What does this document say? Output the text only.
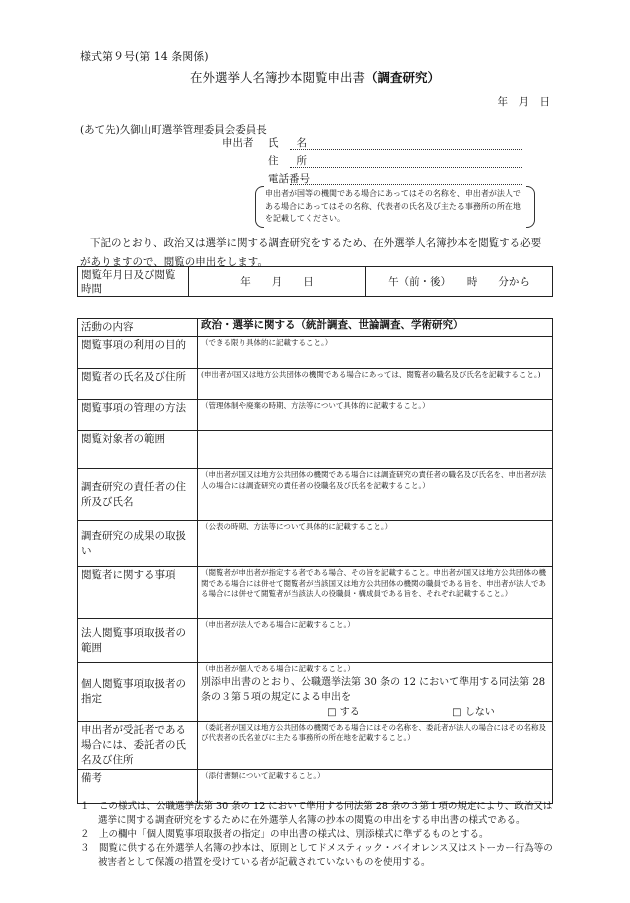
様式第９号(第 14 条関係)
在外選挙人名簿抄本閲覧申出書（調査研究）
年　月　日
(あて先)久御山町選挙管理委員会委員長
申出者 氏名
住所
電話番号
申出者が国等の機関である場合にあってはその名称を、申出者が法人である場合にあってはその名称、代表者の氏名及び主たる事務所の所在地を記載してください。
下記のとおり、政治又は選挙に関する調査研究をするため、在外選挙人名簿抄本を閲覧する必要がありますので、閲覧の申出をします。
閲覧年月日及び閲覧時間	年　　月　　日	午（前・後）　　時　　分から
活動の内容	政治・選挙に関する（統計調査、世論調査、学術研究）
閲覧事項の利用の目的	（できる限り具体的に記載すること。）
閲覧者の氏名及び住所	(申出者が国又は地方公共団体の機関である場合にあっては、閲覧者の職名及び氏名を記載すること。)
閲覧事項の管理の方法	（管理体制や廃棄の時期、方法等について具体的に記載すること。）
閲覧対象者の範囲	
調査研究の責任者の住所及び氏名	（申出者が国又は地方公共団体の機関である場合には調査研究の責任者の職名及び氏名を、申出者が法人の場合には調査研究の責任者の役職名及び氏名を記載すること。）
調査研究の成果の取扱い	（公表の時期、方法等について具体的に記載すること。）
閲覧者に関する事項	（閲覧者が申出者が指定する者である場合、その旨を記載すること。申出者が国又は地方公共団体の機関である場合には併せて閲覧者が当該国又は地方公共団体の機関の職員である旨を、申出者が法人である場合には併せて閲覧者が当該法人の役職員・構成員である旨を、それぞれ記載すること。）
法人閲覧事項取扱者の範囲	（申出者が法人である場合に記載すること。）
個人閲覧事項取扱者の指定	（申出者が個人である場合に記載すること。）
別添申出書のとおり、公職選挙法第 30 条の 12 において準用する同法第 28 条の３第５項の規定による申出を
□ する □ しない

申出者が受託者である場合には、委託者の氏名及び住所	（委託者が国又は地方公共団体の機関である場合にはその名称を、委託者が法人の場合にはその名称及び代表者の氏名並びに主たる事務所の所在地を記載すること。）
備考	（添付書類について記載すること。）

１　この様式は、公職選挙法第 30 条の 12 において準用する同法第 28 条の３第１項の規定により、政治又は選挙に関する調査研究をするために在外選挙人名簿の抄本の閲覧の申出をする申出書の様式である。

２　上の欄中「個人閲覧事項取扱者の指定」の申出書の様式は、別添様式に準ずるものとする。

３　閲覧に供する在外選挙人名簿の抄本は、原則としてドメスティック・バイオレンス又はストーカー行為等の被害者として保護の措置を受けている者が記載されていないものを使用する。
